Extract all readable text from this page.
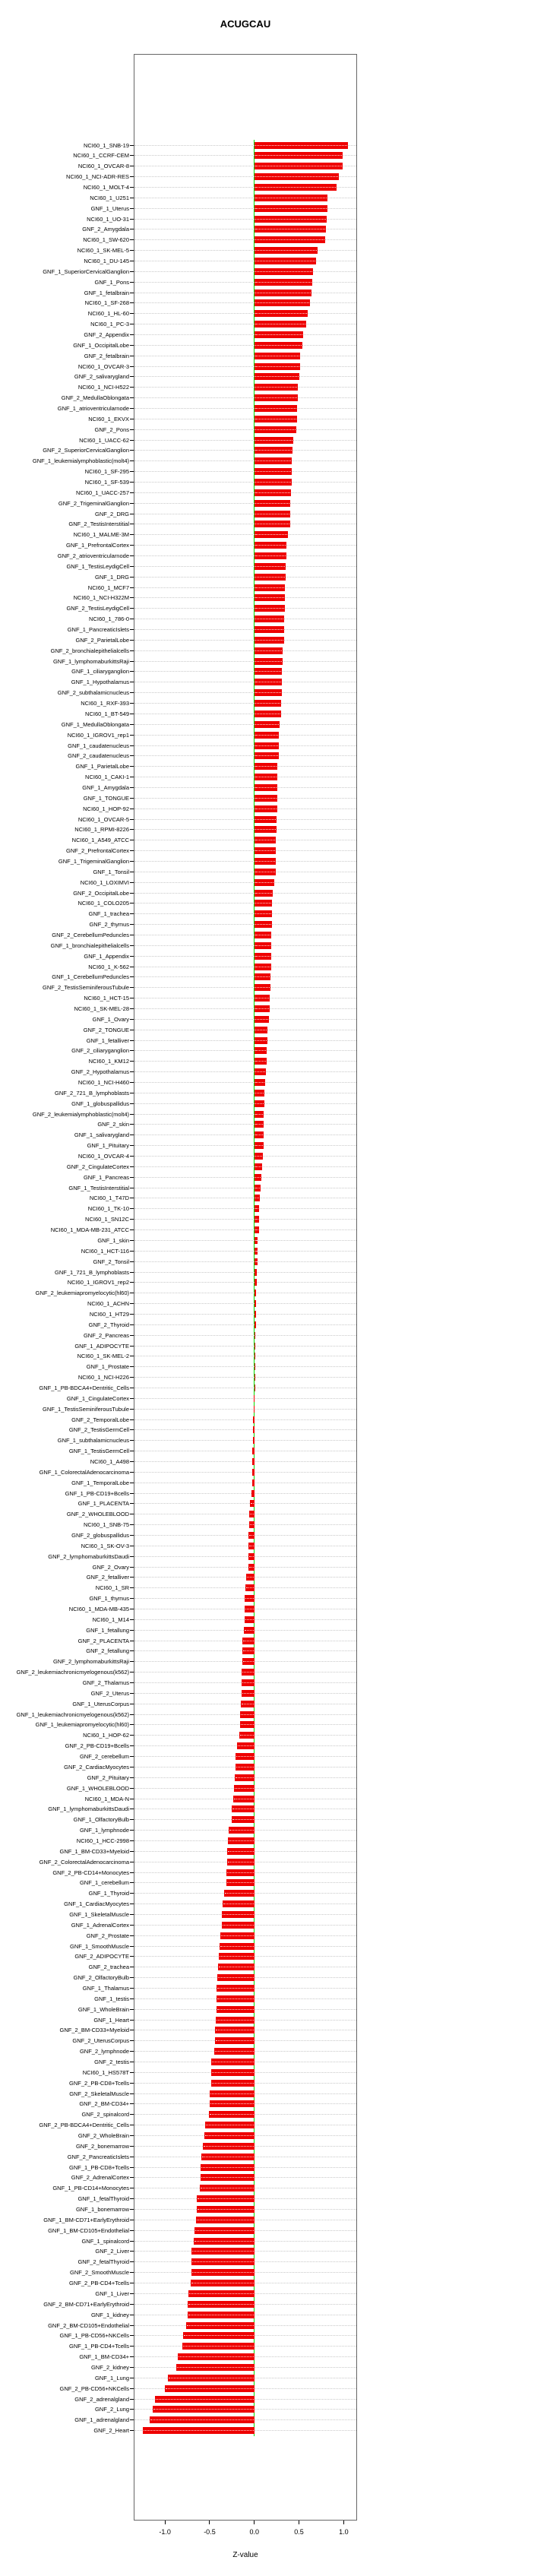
ACUGCAU
NCI60_1_SNB-19
NCI60_1_CCRF-CEM
NCI60_1_OVCAR-8
NCI60_1_NCI-ADR-RES
NCI60_1_MOLT-4
NCI60_1_U251
GNF_1_Uterus
NCI60_1_UO-31
GNF_2_Amygdala
NCI60_1_SW-620
NCI60_1_SK-MEL-5
NCI60_1_DU-145
GNF_1_SuperiorCervicalGanglion
GNF_1_Pons
GNF_1_fetalbrain
NCI60_1_SF-268
NCI60_1_HL-60
NCI60_1_PC-3
GNF_2_Appendix
GNF_1_OccipitalLobe
GNF_2_fetalbrain
NCI60_1_OVCAR-3
GNF_2_salivarygland
NCI60_1_NCI-H522
GNF_2_MedullaOblongata
GNF_1_atrioventricularnode
NCI60_1_EKVX
GNF_2_Pons
NCI60_1_UACC-62
GNF_2_SuperiorCervicalGanglion
GNF_1_leukemialymphoblastic(molt4)
NCI60_1_SF-295
NCI60_1_SF-539
NCI60_1_UACC-257
GNF_2_TrigeminalGanglion
GNF_2_DRG
GNF_2_TestisInterstitial
NCI60_1_MALME-3M
GNF_1_PrefrontalCortex
GNF_2_atrioventricularnode
GNF_1_TestisLeydigCell
GNF_1_DRG
NCI60_1_MCF7
NCI60_1_NCI-H322M
GNF_2_TestisLeydigCell
NCI60_1_786-0
GNF_1_PancreaticIslets
GNF_2_ParietalLobe
GNF_2_bronchialepithelialcells
GNF_1_lymphomaburkittsRaji
GNF_1_ciliaryganglion
GNF_1_Hypothalamus
GNF_2_subthalamicnucleus
NCI60_1_RXF-393
NCI60_1_BT-549
GNF_1_MedullaOblongata
NCI60_1_IGROV1_rep1
GNF_1_caudatenucleus
GNF_2_caudatenucleus
GNF_1_ParietalLobe
NCI60_1_CAKI-1
GNF_1_Amygdala
GNF_1_TONGUE
NCI60_1_HOP-92
NCI60_1_OVCAR-5
NCI60_1_RPMI-8226
NCI60_1_A549_ATCC
GNF_2_PrefrontalCortex
GNF_1_TrigeminalGanglion
GNF_1_Tonsil
NCI60_1_LOXIMVI
GNF_2_OccipitalLobe
NCI60_1_COLO205
GNF_1_trachea
GNF_2_thymus
GNF_2_CerebellumPeduncles
GNF_1_bronchialepithelialcells
GNF_1_Appendix
NCI60_1_K-562
GNF_1_CerebellumPeduncles
GNF_2_TestisSeminiferousTubule
NCI60_1_HCT-15
NCI60_1_SK-MEL-28
GNF_1_Ovary
GNF_2_TONGUE
GNF_1_fetalliver
GNF_2_ciliaryganglion
NCI60_1_KM12
GNF_2_Hypothalamus
NCI60_1_NCI-H460
GNF_2_721_B_lymphoblasts
GNF_1_globuspallidus
GNF_2_leukemialymphoblastic(molt4)
GNF_2_skin
GNF_1_salivarygland
GNF_1_Pituitary
NCI60_1_OVCAR-4
GNF_2_CingulateCortex
GNF_1_Pancreas
GNF_1_TestisInterstitial
NCI60_1_T47D
NCI60_1_TK-10
NCI60_1_SN12C
NCI60_1_MDA-MB-231_ATCC
GNF_1_skin
NCI60_1_HCT-116
GNF_2_Tonsil
GNF_1_721_B_lymphoblasts
NCI60_1_IGROV1_rep2
GNF_2_leukemiapromyelocytic(hl60)
NCI60_1_ACHN
NCI60_1_HT29
GNF_2_Thyroid
GNF_2_Pancreas
GNF_1_ADIPOCYTE
NCI60_1_SK-MEL-2
GNF_1_Prostate
NCI60_1_NCI-H226
GNF_1_PB-BDCA4+Dentritic_Cells
GNF_1_CingulateCortex
GNF_1_TestisSeminiferousTubule
GNF_2_TemporalLobe
GNF_2_TestisGermCell
GNF_1_subthalamicnucleus
GNF_1_TestisGermCell
NCI60_1_A498
GNF_1_ColorectalAdenocarcinoma
GNF_1_TemporalLobe
GNF_1_PB-CD19+Bcells
GNF_1_PLACENTA
GNF_2_WHOLEBLOOD
NCI60_1_SNB-75
GNF_2_globuspallidus
NCI60_1_SK-OV-3
GNF_2_lymphomaburkittsDaudi
GNF_2_Ovary
GNF_2_fetalliver
NCI60_1_SR
GNF_1_thymus
NCI60_1_MDA-MB-435
NCI60_1_M14
GNF_1_fetallung
GNF_2_PLACENTA
GNF_2_fetallung
GNF_2_lymphomaburkittsRaji
GNF_2_leukemiachronicmyelogenous(k562)
GNF_2_Thalamus
GNF_2_Uterus
GNF_1_UterusCorpus
GNF_1_leukemiachronicmyelogenous(k562)
GNF_1_leukemiapromyelocytic(hl60)
NCI60_1_HOP-62
GNF_2_PB-CD19+Bcells
GNF_2_cerebellum
GNF_2_CardiacMyocytes
GNF_2_Pituitary
GNF_1_WHOLEBLOOD
NCI60_1_MDA-N
GNF_1_lymphomaburkittsDaudi
GNF_1_OlfactoryBulb
GNF_1_lymphnode
NCI60_1_HCC-2998
GNF_1_BM-CD33+Myeloid
GNF_2_ColorectalAdenocarcinoma
GNF_2_PB-CD14+Monocytes
GNF_1_cerebellum
GNF_1_Thyroid
GNF_1_CardiacMyocytes
GNF_1_SkeletalMuscle
GNF_1_AdrenalCortex
GNF_2_Prostate
GNF_1_SmoothMuscle
GNF_2_ADIPOCYTE
GNF_2_trachea
GNF_2_OlfactoryBulb
GNF_1_Thalamus
GNF_1_testis
GNF_1_WholeBrain
GNF_1_Heart
GNF_2_BM-CD33+Myeloid
GNF_2_UterusCorpus
GNF_2_lymphnode
GNF_2_testis
NCI60_1_HS578T
GNF_2_PB-CD8+Tcells
GNF_2_SkeletalMuscle
GNF_2_BM-CD34+
GNF_2_spinalcord
GNF_2_PB-BDCA4+Dentritic_Cells
GNF_2_WholeBrain
GNF_2_bonemarrow
GNF_2_PancreaticIslets
GNF_1_PB-CD8+Tcells
GNF_2_AdrenalCortex
GNF_1_PB-CD14+Monocytes
GNF_1_fetalThyroid
GNF_1_bonemarrow
GNF_1_BM-CD71+EarlyErythroid
GNF_1_BM-CD105+Endothelial
GNF_1_spinalcord
GNF_2_Liver
GNF_2_fetalThyroid
GNF_2_SmoothMuscle
GNF_2_PB-CD4+Tcells
GNF_1_Liver
GNF_2_BM-CD71+EarlyErythroid
GNF_1_kidney
GNF_2_BM-CD105+Endothelial
GNF_1_PB-CD56+NKCells
GNF_1_PB-CD4+Tcells
GNF_1_BM-CD34+
GNF_2_kidney
GNF_1_Lung
GNF_2_PB-CD56+NKCells
GNF_2_adrenalgland
GNF_2_Lung
GNF_1_adrenalgland
GNF_2_Heart
-1.0	-0.5	0.0	0.5	1.0
Z-value
